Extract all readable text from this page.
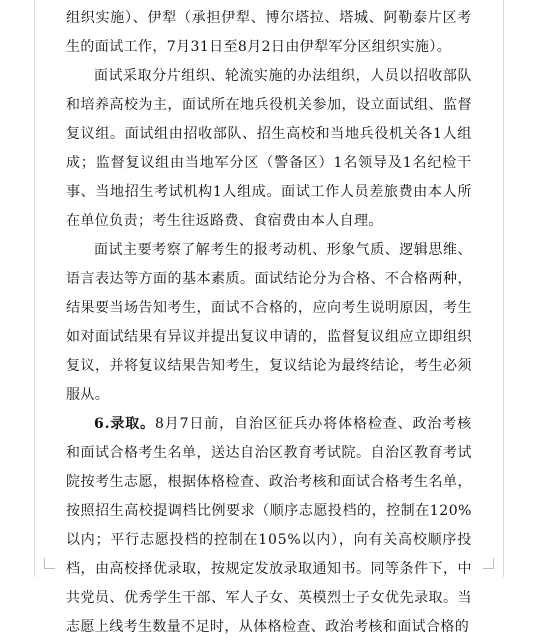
组织实施）、伊犁（承担伊犁、博尔塔拉、塔城、阿勒泰片区考
生的面试工作，7月31日至8月2日由伊犁军分区组织实施）。

面试采取分片组织、轮流实施的办法组织，人员以招收部队
和培养高校为主，面试所在地兵役机关参加，设立面试组、监督
复议组。面试组由招收部队、招生高校和当地兵役机关各1人组
成；监督复议组由当地军分区（警备区）1名领导及1名纪检干
事、当地招生考试机构1人组成。面试工作人员差旅费由本人所
在单位负责；考生往返路费、食宿费由本人自理。

面试主要考察了解考生的报考动机、形象气质、逻辑思维、
语言表达等方面的基本素质。面试结论分为合格、不合格两种，
结果要当场告知考生，面试不合格的，应向考生说明原因，考生
如对面试结果有异议并提出复议申请的，监督复议组应立即组织
复议，并将复议结果告知考生，复议结论为最终结论，考生必须
服从。

6.录取。8月7日前，自治区征兵办将体格检查、政治考核
和面试合格考生名单，送达自治区教育考试院。自治区教育考试
院按考生志愿，根据体格检查、政治考核和面试合格考生名单，
按照招生高校提调档比例要求（顺序志愿投档的，控制在120%
以内；平行志愿投档的控制在105%以内），向有关高校顺序投
档，由高校择优录取，按规定发放录取通知书。同等条件下，中
共党员、优秀学生干部、军人子女、英模烈士子女优先录取。当
志愿上线考生数量不足时，从体格检查、政治考核和面试合格的
